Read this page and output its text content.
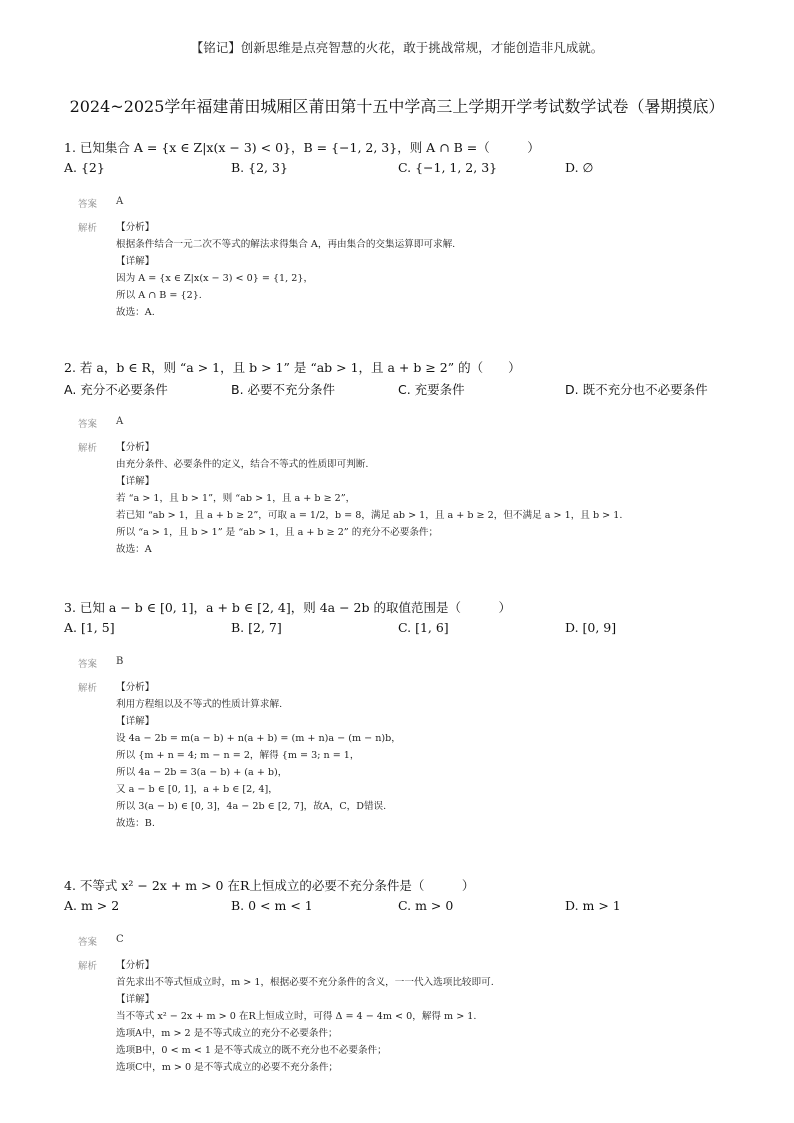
【铭记】创新思维是点亮智慧的火花，敢于挑战常规，才能创造非凡成就。
2024~2025学年福建莆田城厢区莆田第十五中学高三上学期开学考试数学试卷（暑期摸底）
1. 已知集合 A = {x ∈ Z|x(x − 3) < 0}，B = {−1, 2, 3}，则 A ∩ B =（　　　）
A. {2}	B. {2, 3}	C. {−1, 1, 2, 3}	D. ∅
答案 A
解析 【分析】
根据条件结合一元二次不等式的解法求得集合 A，再由集合的交集运算即可求解.
【详解】
因为 A = {x ∈ Z|x(x − 3) < 0} = {1, 2}，
所以 A ∩ B = {2}.
故选：A.
2. 若 a，b ∈ R，则 “a > 1，且 b > 1” 是 “ab > 1，且 a + b ≥ 2” 的（　　）
A. 充分不必要条件	B. 必要不充分条件	C. 充要条件	D. 既不充分也不必要条件
答案 A
解析 【分析】
由充分条件、必要条件的定义，结合不等式的性质即可判断.
【详解】
若 “a > 1，且 b > 1”，则 “ab > 1，且 a + b ≥ 2”，
若已知 “ab > 1，且 a + b ≥ 2”，可取 a = 1/2，b = 8，满足 ab > 1，且 a + b ≥ 2，但不满足 a > 1，且 b > 1.
所以 “a > 1，且 b > 1” 是 “ab > 1，且 a + b ≥ 2” 的充分不必要条件；
故选：A
3. 已知 a − b ∈ [0, 1]，a + b ∈ [2, 4]，则 4a − 2b 的取值范围是（　　　）
A. [1, 5]	B. [2, 7]	C. [1, 6]	D. [0, 9]
答案 B
解析 【分析】
利用方程组以及不等式的性质计算求解.
【详解】
设 4a − 2b = m(a − b) + n(a + b) = (m + n)a − (m − n)b，
所以 {m + n = 4; m − n = 2，解得 {m = 3; n = 1，
所以 4a − 2b = 3(a − b) + (a + b)，
又 a − b ∈ [0, 1]，a + b ∈ [2, 4]，
所以 3(a − b) ∈ [0, 3]，4a − 2b ∈ [2, 7]，故A，C，D错误.
故选：B.
4. 不等式 x² − 2x + m > 0 在R上恒成立的必要不充分条件是（　　　）
A. m > 2	B. 0 < m < 1	C. m > 0	D. m > 1
答案 C
解析 【分析】
首先求出不等式恒成立时，m > 1，根据必要不充分条件的含义，一一代入选项比较即可.
【详解】
当不等式 x² − 2x + m > 0 在R上恒成立时，可得 Δ = 4 − 4m < 0，解得 m > 1.
选项A中，m > 2 是不等式成立的充分不必要条件；
选项B中，0 < m < 1 是不等式成立的既不充分也不必要条件；
选项C中，m > 0 是不等式成立的必要不充分条件；
